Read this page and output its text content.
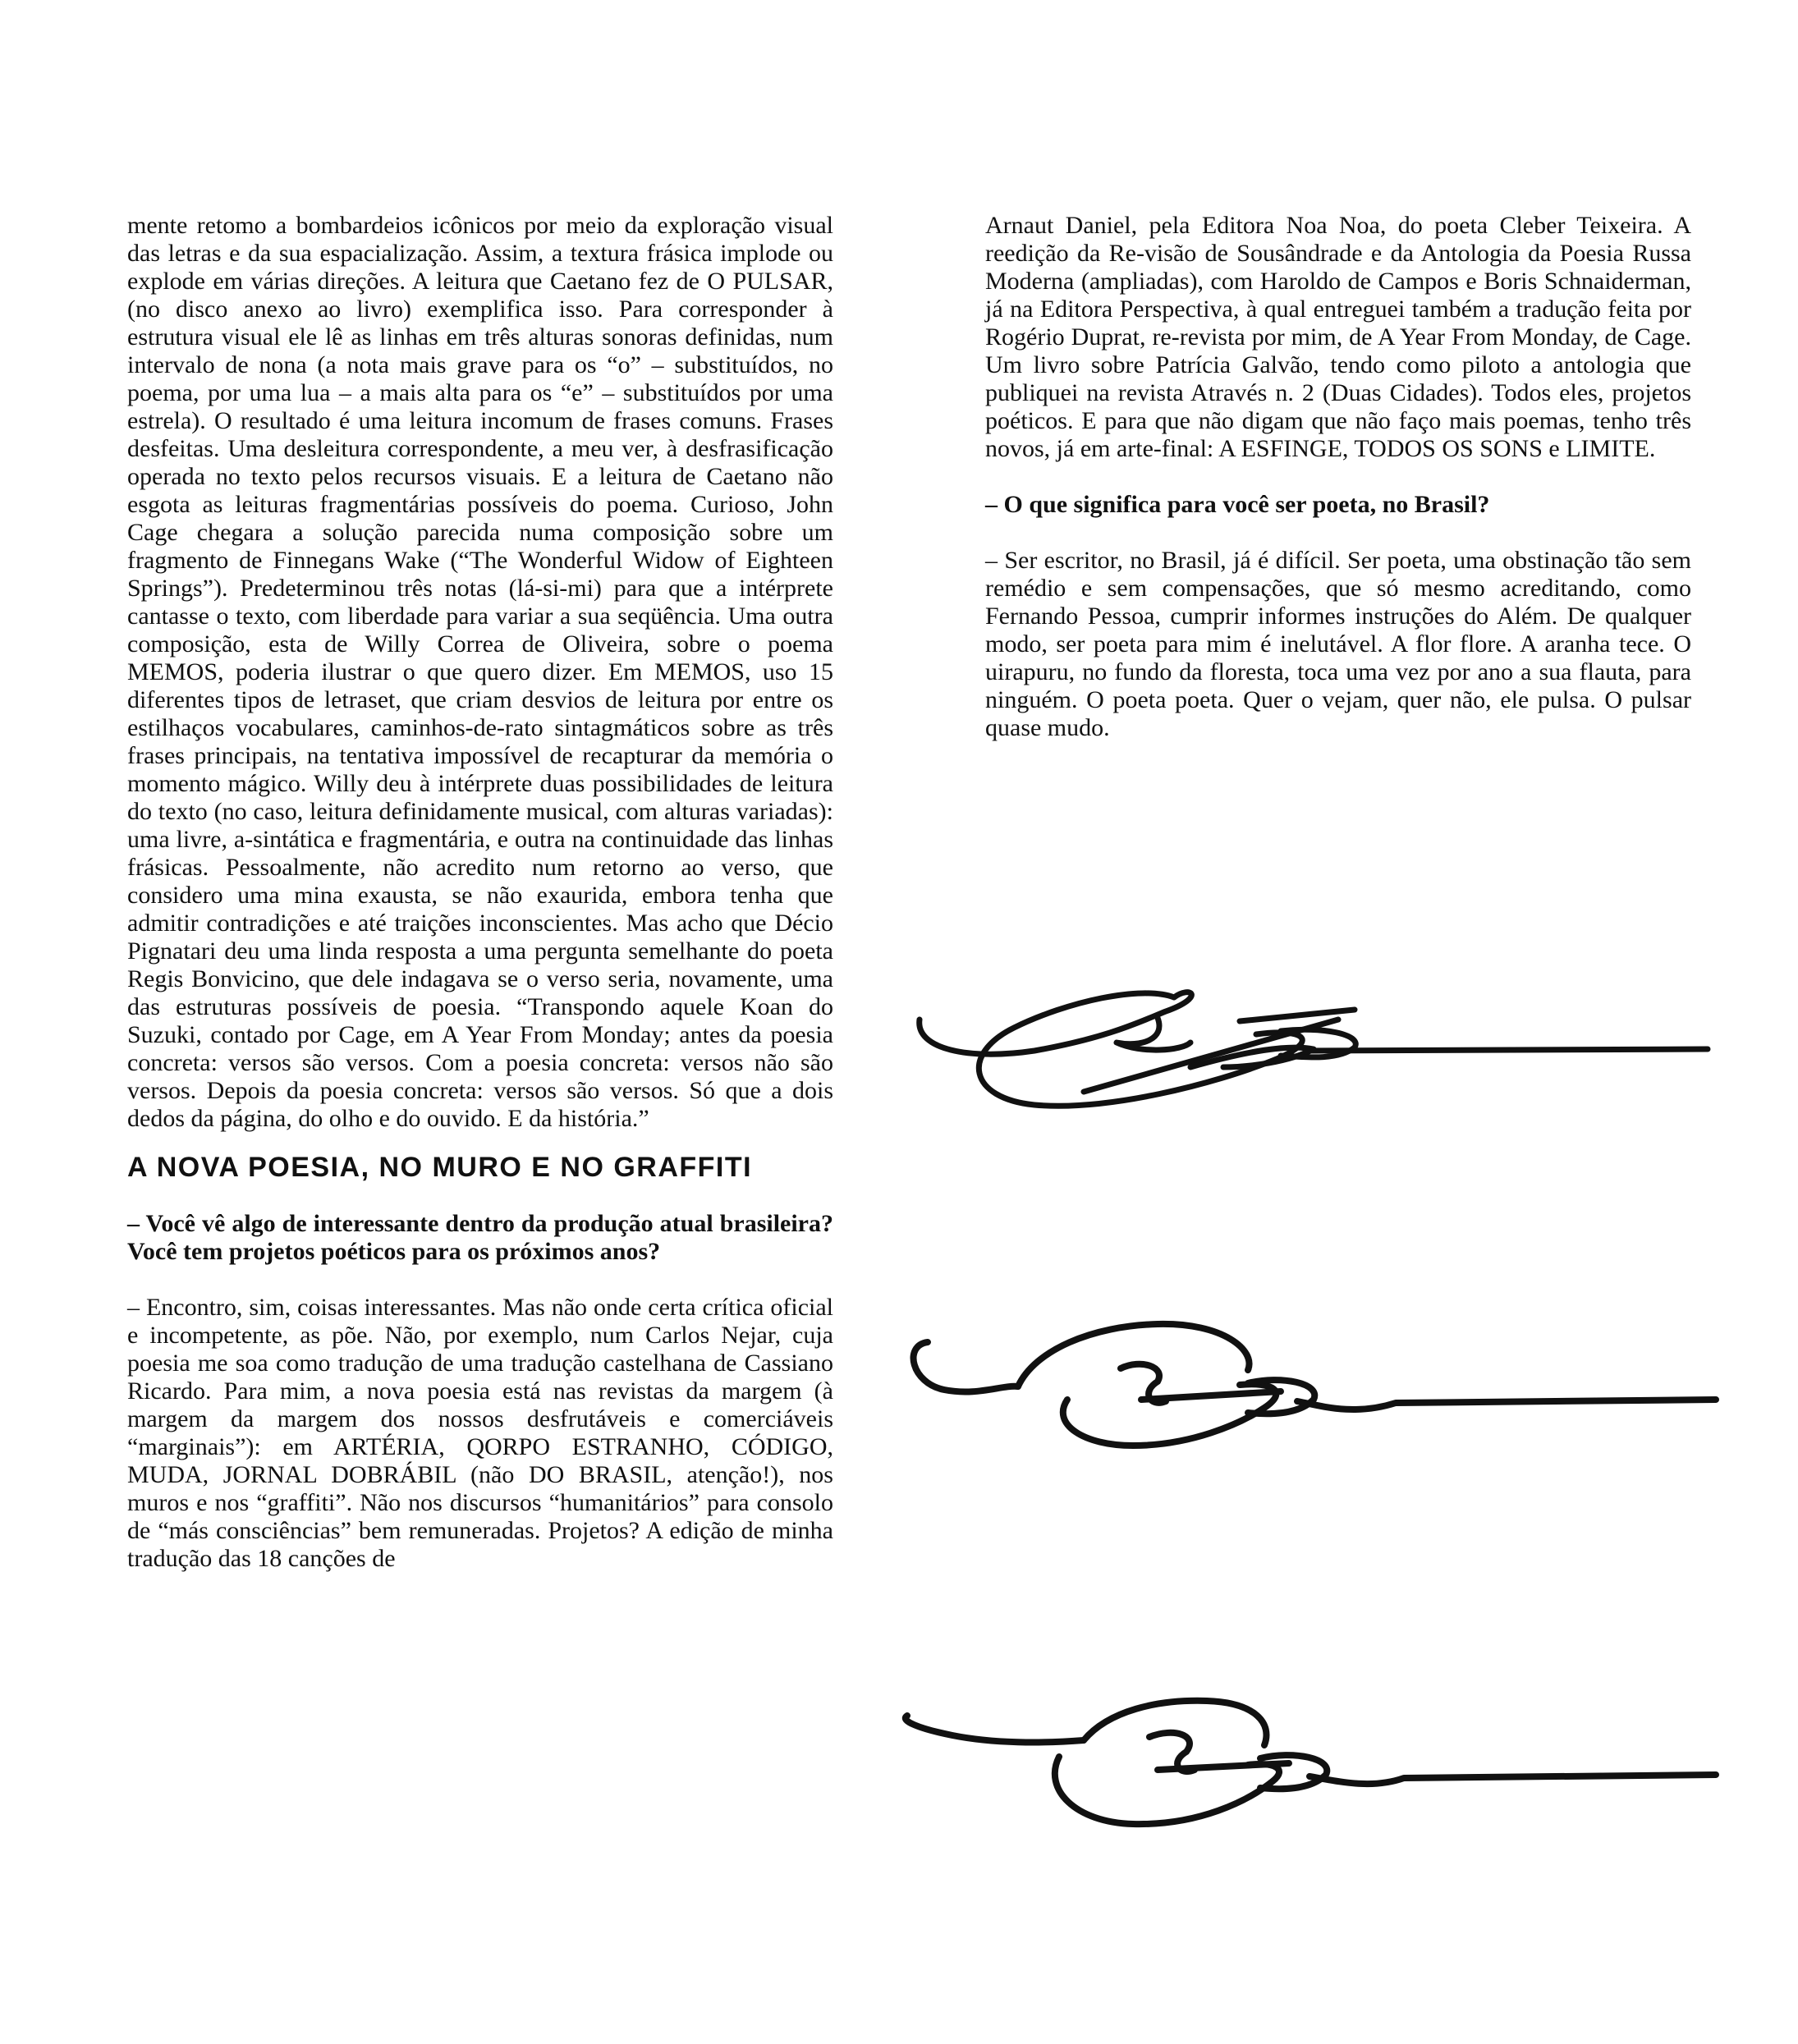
mente retomo a bombardeios icônicos por meio da exploração visual das letras e da sua espacialização. Assim, a textura frásica implode ou explode em várias direções. A leitura que Caetano fez de O PULSAR, (no disco anexo ao livro) exemplifica isso. Para corresponder à estrutura visual ele lê as linhas em três alturas sonoras definidas, num intervalo de nona (a nota mais grave para os “o” – substituídos, no poema, por uma lua – a mais alta para os “e” – substituídos por uma estrela). O resultado é uma leitura incomum de frases comuns. Frases desfeitas. Uma desleitura correspondente, a meu ver, à desfrasificação operada no texto pelos recursos visuais. E a leitura de Caetano não esgota as leituras fragmentárias possíveis do poema. Curioso, John Cage chegara a solução parecida numa composição sobre um fragmento de Finnegans Wake (“The Wonderful Widow of Eighteen Springs”). Predeterminou três notas (lá-si-mi) para que a intérprete cantasse o texto, com liberdade para variar a sua seqüência. Uma outra composição, esta de Willy Correa de Oliveira, sobre o poema MEMOS, poderia ilustrar o que quero dizer. Em MEMOS, uso 15 diferentes tipos de letraset, que criam desvios de leitura por entre os estilhaços vocabulares, caminhos-de-rato sintagmáticos sobre as três frases principais, na tentativa impossível de recapturar da memória o momento mágico. Willy deu à intérprete duas possibilidades de leitura do texto (no caso, leitura definidamente musical, com alturas variadas): uma livre, a-sintática e fragmentária, e outra na continuidade das linhas frásicas. Pessoalmente, não acredito num retorno ao verso, que considero uma mina exausta, se não exaurida, embora tenha que admitir contradições e até traições inconscientes. Mas acho que Décio Pignatari deu uma linda resposta a uma pergunta semelhante do poeta Regis Bonvicino, que dele indagava se o verso seria, novamente, uma das estruturas possíveis de poesia. “Transpondo aquele Koan do Suzuki, contado por Cage, em A Year From Monday; antes da poesia concreta: versos são versos. Com a poesia concreta: versos não são versos. Depois da poesia concreta: versos são versos. Só que a dois dedos da página, do olho e do ouvido. E da história.”

A NOVA POESIA, NO MURO E NO GRAFFITI

– Você vê algo de interessante dentro da produção atual brasileira? Você tem projetos poéticos para os próximos anos?

– Encontro, sim, coisas interessantes. Mas não onde certa crítica oficial e incompetente, as põe. Não, por exemplo, num Carlos Nejar, cuja poesia me soa como tradução de uma tradução castelhana de Cassiano Ricardo. Para mim, a nova poesia está nas revistas da margem (à margem da margem dos nossos desfrutáveis e comerciáveis “marginais”): em ARTÉRIA, QORPO ESTRANHO, CÓDIGO, MUDA, JORNAL DOBRÁBIL (não DO BRASIL, atenção!), nos muros e nos “graffiti”. Não nos discursos “humanitários” para consolo de “más consciências” bem remuneradas. Projetos? A edição de minha tradução das 18 canções de

Arnaut Daniel, pela Editora Noa Noa, do poeta Cleber Teixeira. A reedição da Re-visão de Sousândrade e da Antologia da Poesia Russa Moderna (ampliadas), com Haroldo de Campos e Boris Schnaiderman, já na Editora Perspectiva, à qual entreguei também a tradução feita por Rogério Duprat, re-revista por mim, de A Year From Monday, de Cage. Um livro sobre Patrícia Galvão, tendo como piloto a antologia que publiquei na revista Através n. 2 (Duas Cidades). Todos eles, projetos poéticos. E para que não digam que não faço mais poemas, tenho três novos, já em arte-final: A ESFINGE, TODOS OS SONS e LIMITE.

– O que significa para você ser poeta, no Brasil?

– Ser escritor, no Brasil, já é difícil. Ser poeta, uma obstinação tão sem remédio e sem compensações, que só mesmo acreditando, como Fernando Pessoa, cumprir informes instruções do Além. De qualquer modo, ser poeta para mim é inelutável. A flor flore. A aranha tece. O uirapuru, no fundo da floresta, toca uma vez por ano a sua flauta, para ninguém. O poeta poeta. Quer o vejam, quer não, ele pulsa. O pulsar quase mudo.
